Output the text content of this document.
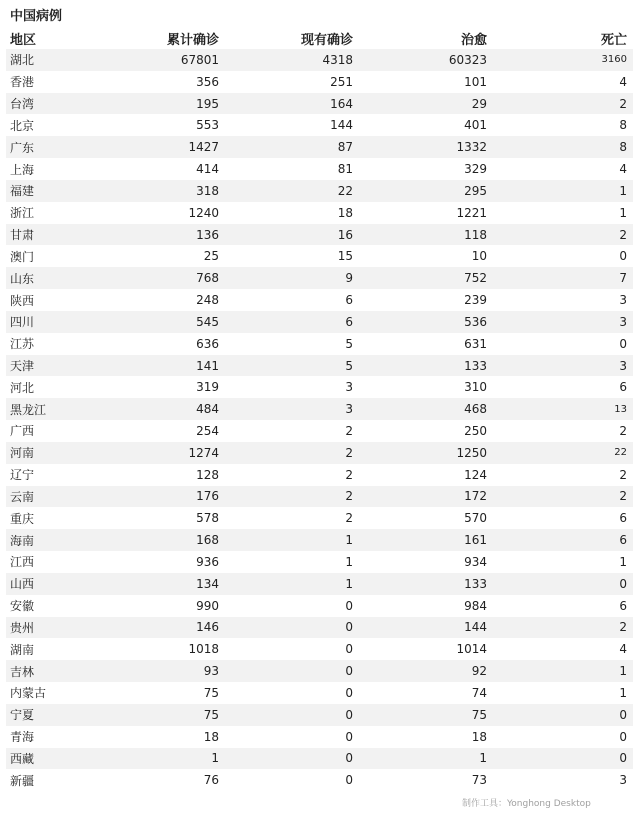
中国病例
地区	累计确诊	现有确诊	治愈	死亡
湖北	67801	4318	60323	3160
香港	356	251	101	4
台湾	195	164	29	2
北京	553	144	401	8
广东	1427	87	1332	8
上海	414	81	329	4
福建	318	22	295	1
浙江	1240	18	1221	1
甘肃	136	16	118	2
澳门	25	15	10	0
山东	768	9	752	7
陕西	248	6	239	3
四川	545	6	536	3
江苏	636	5	631	0
天津	141	5	133	3
河北	319	3	310	6
黑龙江	484	3	468	13
广西	254	2	250	2
河南	1274	2	1250	22
辽宁	128	2	124	2
云南	176	2	172	2
重庆	578	2	570	6
海南	168	1	161	6
江西	936	1	934	1
山西	134	1	133	0
安徽	990	0	984	6
贵州	146	0	144	2
湖南	1018	0	1014	4
吉林	93	0	92	1
内蒙古	75	0	74	1
宁夏	75	0	75	0
青海	18	0	18	0
西藏	1	0	1	0
新疆	76	0	73	3
制作工具：Yonghong Desktop
